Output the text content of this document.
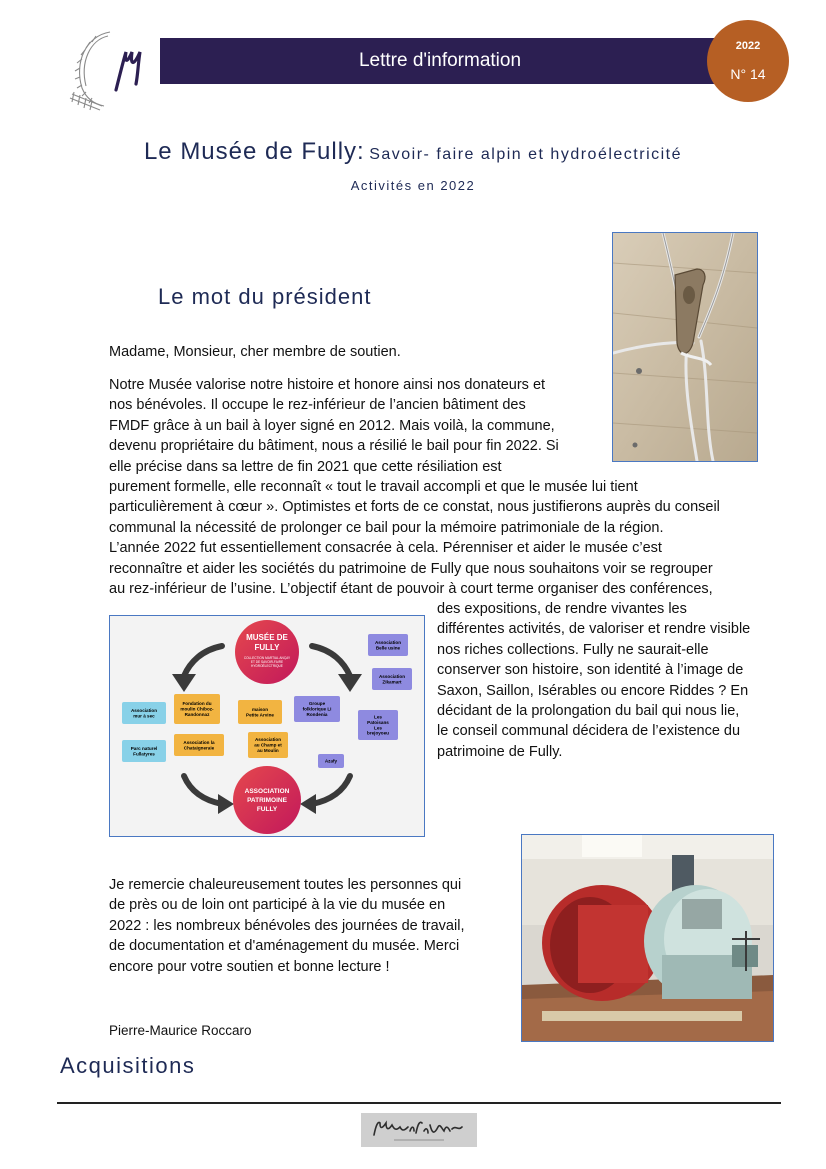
Lettre d'information
2022
N° 14
Le Musée de Fully: Savoir- faire alpin et hydroélectricité
Activités en 2022
Le mot du président
Madame, Monsieur, cher membre de soutien.
Notre Musée valorise notre histoire et honore ainsi nos donateurs et
nos bénévoles. Il occupe le rez-inférieur de l’ancien bâtiment des
FMDF grâce à un bail à loyer signé en 2012. Mais voilà, la commune,
devenu propriétaire du bâtiment, nous a résilié le bail pour fin 2022. Si
elle précise dans sa lettre de fin 2021 que cette résiliation est
purement formelle, elle reconnaît « tout le travail accompli et que le musée lui tient
particulièrement à cœur ». Optimistes et forts de ce constat, nous justifierons auprès du conseil
communal la nécessité de prolonger ce bail pour la mémoire patrimoniale de la région.
L’année 2022 fut essentiellement consacrée à cela. Pérenniser et aider le musée c’est
reconnaître et aider les sociétés du patrimoine de Fully que nous souhaitons voir se regrouper
au rez-inférieur de l’usine. L’objectif étant de pouvoir à court terme organiser des conférences,
des expositions, de rendre vivantes les
différentes activités, de valoriser et rendre visible
nos riches collections. Fully ne saurait-elle
conserver son histoire, son identité à l’image de
Saxon, Saillon, Isérables ou encore Riddes ? En
décidant de la prolongation du bail qui nous lie,
le conseil communal décidera de l’existence du
patrimoine de Fully.
MUSÉE DE
FULLY
COLLECTION MARTIAL ANÇAY
ET DE SAVOIR-FAIRE
HYDROÉLECTRIQUE
ASSOCIATION
PATRIMOINE
FULLY
Association
Belle usine
Association
Zikamart
Groupe
folklorique Li
Rondenia	Les
Patoisans
Les
brejoyoeu
Azafy
Fondation du
moulin Chiboz-
Randonnaz
maison
Petite Arvine
Association
au Champ et
au Moulin
Association la
Chataigneraie
Association
mur à sec
Parc naturel
Fullatyres
Je remercie chaleureusement toutes les personnes qui
de près ou de loin ont participé à la vie du musée en
2022 : les nombreux bénévoles des journées de travail,
de documentation et d'aménagement du musée. Merci
encore pour votre soutien et bonne lecture !
Pierre-Maurice Roccaro
Acquisitions
